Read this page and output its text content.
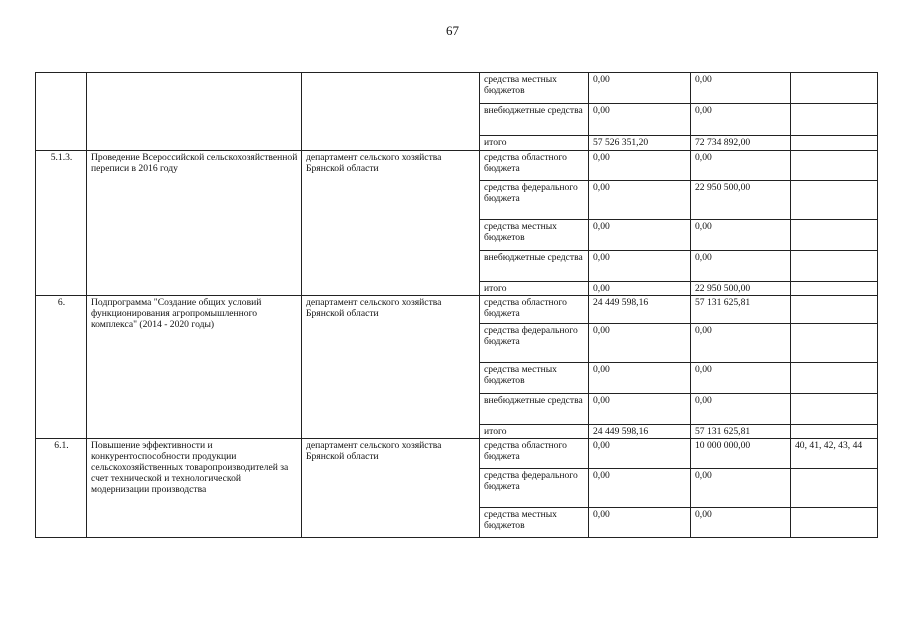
67
			средства местных бюджетов	0,00	0,00	
			внебюджетные средства	0,00	0,00	
			итого	57 526 351,20	72 734 892,00	
5.1.3.	Проведение Всероссийской сельскохозяйственной переписи в 2016 году	департамент сельского хозяйства Брянской области	средства областного бюджета	0,00	0,00	
			средства федерального бюджета	0,00	22 950 500,00	
			средства местных бюджетов	0,00	0,00	
			внебюджетные средства	0,00	0,00	
			итого	0,00	22 950 500,00	
6.	Подпрограмма "Создание общих условий функционирования агропромышленного комплекса" (2014 - 2020 годы)	департамент сельского хозяйства Брянской области	средства областного бюджета	24 449 598,16	57 131 625,81	
			средства федерального бюджета	0,00	0,00	
			средства местных бюджетов	0,00	0,00	
			внебюджетные средства	0,00	0,00	
			итого	24 449 598,16	57 131 625,81	
6.1.	Повышение эффективности и конкурентоспособности продукции сельскохозяйственных товаропроизводителей за счет технической и технологической модернизации производства	департамент сельского хозяйства Брянской области	средства областного бюджета	0,00	10 000 000,00	40, 41, 42, 43, 44
			средства федерального бюджета	0,00	0,00	
			средства местных бюджетов	0,00	0,00	
